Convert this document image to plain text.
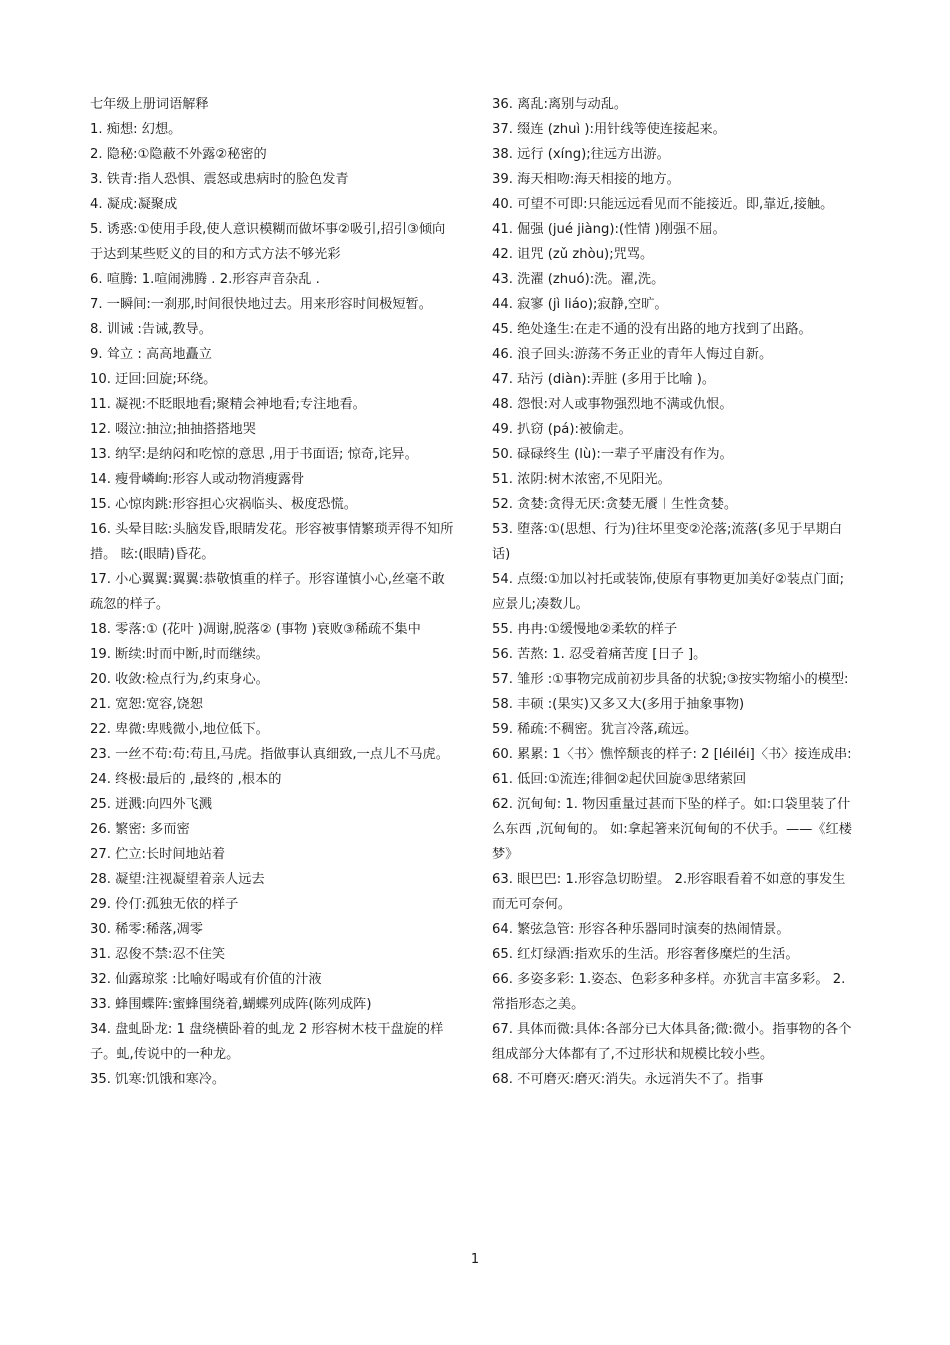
七年级上册词语解释

1. 痴想: 幻想。

2. 隐秘:①隐蔽不外露②秘密的

3. 铁青:指人恐惧、震怒或患病时的脸色发青

4. 凝成:凝聚成

5. 诱惑:①使用手段,使人意识模糊而做坏事②吸引,招引③倾向于达到某些贬义的目的和方式方法不够光彩

6. 喧腾: 1.喧闹沸腾 . 2.形容声音杂乱 .

7. 一瞬间:一刹那,时间很快地过去。用来形容时间极短暂。

8. 训诫 :告诫,教导。

9. 耸立 : 高高地矗立

10. 迂回:回旋;环绕。

11. 凝视:不眨眼地看;聚精会神地看;专注地看。

12. 啜泣:抽泣;抽抽搭搭地哭

13. 纳罕:是纳闷和吃惊的意思 ,用于书面语; 惊奇,诧异。

14. 瘦骨嶙峋:形容人或动物消瘦露骨

15. 心惊肉跳:形容担心灾祸临头、极度恐慌。

16. 头晕目眩:头脑发昏,眼睛发花。形容被事情繁琐弄得不知所措。 眩:(眼睛)昏花。

17. 小心翼翼:翼翼:恭敬慎重的样子。形容谨慎小心,丝毫不敢疏忽的样子。

18. 零落:① (花叶 )凋谢,脱落② (事物 )衰败③稀疏不集中

19. 断续:时而中断,时而继续。

20. 收敛:检点行为,约束身心。

21. 宽恕:宽容,饶恕

22. 卑微:卑贱微小,地位低下。

23. 一丝不苟:苟:苟且,马虎。指做事认真细致,一点儿不马虎。

24. 终极:最后的 ,最终的 ,根本的

25. 迸溅:向四外飞溅

26. 繁密: 多而密

27. 伫立:长时间地站着

28. 凝望:注视凝望着亲人远去

29. 伶仃:孤独无依的样子

30. 稀零:稀落,凋零

31. 忍俊不禁:忍不住笑

32. 仙露琼浆 :比喻好喝或有价值的汁液

33. 蜂围蝶阵:蜜蜂围绕着,蝴蝶列成阵(陈列成阵)

34. 盘虬卧龙: 1 盘绕横卧着的虬龙 2 形容树木枝干盘旋的样子。虬,传说中的一种龙。

35. 饥寒:饥饿和寒冷。

36. 离乱:离别与动乱。

37. 缀连 (zhuì ):用针线等使连接起来。

38. 远行 (xíng);往远方出游。

39. 海天相吻:海天相接的地方。

40. 可望不可即:只能远远看见而不能接近。即,靠近,接触。

41. 倔强 (jué jiàng):(性情 )刚强不屈。

42. 诅咒 (zǔ zhòu);咒骂。

43. 洗濯 (zhuó):洗。濯,洗。

44. 寂寥 (jì liáo);寂静,空旷。

45. 绝处逢生:在走不通的没有出路的地方找到了出路。

46. 浪子回头:游荡不务正业的青年人悔过自新。

47. 玷污 (diàn):弄脏 (多用于比喻 )。

48. 怨恨:对人或事物强烈地不满或仇恨。

49. 扒窃 (pá):被偷走。

50. 碌碌终生 (lù):一辈子平庸没有作为。

51. 浓阴:树木浓密,不见阳光。

52. 贪婪:贪得无厌:贪婪无餍︱生性贪婪。

53. 堕落:①(思想、行为)往坏里变②沦落;流落(多见于早期白话)

54. 点缀:①加以衬托或装饰,使原有事物更加美好②装点门面;应景儿;凑数儿。

55. 冉冉:①缓慢地②柔软的样子

56. 苦熬: 1. 忍受着痛苦度 [日子 ]。

57. 雏形 :①事物完成前初步具备的状貌;③按实物缩小的模型:

58. 丰硕 :(果实)又多又大(多用于抽象事物)

59. 稀疏:不稠密。犹言冷落,疏远。

60. 累累: 1〈书〉憔悴颓丧的样子: 2 [léiléi]〈书〉接连成串:

61. 低回:①流连;徘徊②起伏回旋③思绪萦回

62. 沉甸甸: 1. 物因重量过甚而下坠的样子。如:口袋里装了什么东西 ,沉甸甸的。 如:拿起箸来沉甸甸的不伏手。——《红楼梦》

63. 眼巴巴: 1.形容急切盼望。 2.形容眼看着不如意的事发生而无可奈何。

64. 繁弦急管: 形容各种乐器同时演奏的热闹情景。

65. 红灯绿酒:指欢乐的生活。形容奢侈糜烂的生活。

66. 多姿多彩: 1.姿态、色彩多种多样。亦犹言丰富多彩。 2.常指形态之美。

67. 具体而微:具体:各部分已大体具备;微:微小。指事物的各个组成部分大体都有了,不过形状和规模比较小些。

68. 不可磨灭:磨灭:消失。永远消失不了。指事

1
